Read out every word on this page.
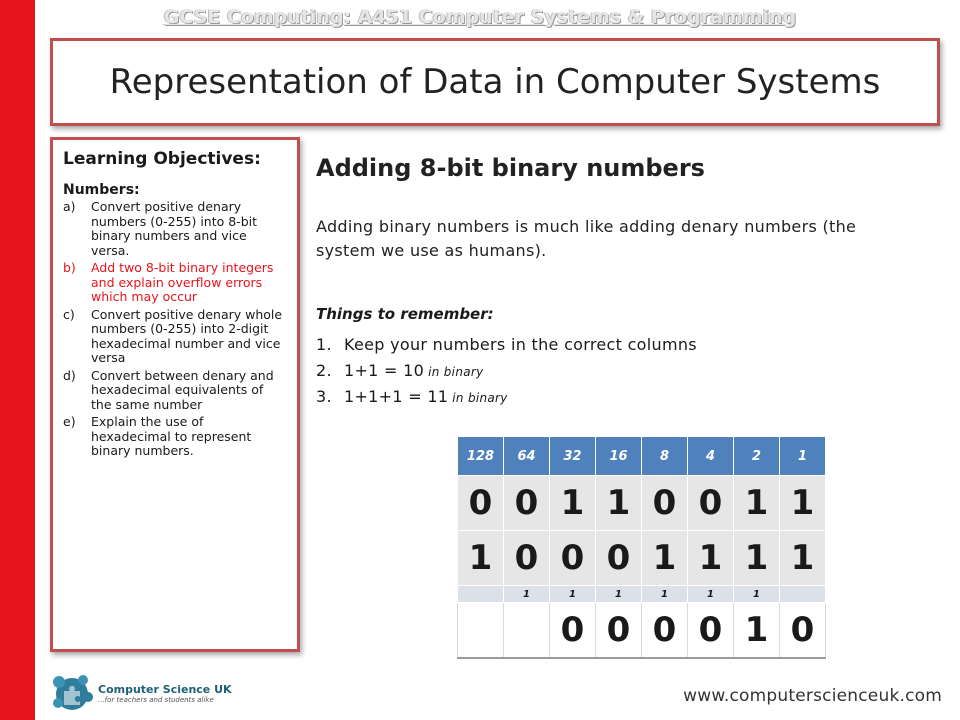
GCSE Computing: A451 Computer Systems & Programming
Representation of Data in Computer Systems
Learning Objectives:
Numbers:
a)	Convert positive denary numbers (0-255) into 8-bit binary numbers and vice versa.
b)	Add two 8-bit binary integers and explain overflow errors which may occur
c)	Convert positive denary whole numbers (0-255) into 2-digit hexadecimal number and vice versa
d)	Convert between denary and hexadecimal equivalents of the same number
e)	Explain the use of hexadecimal to represent binary numbers.
Adding 8-bit binary numbers
Adding binary numbers is much like adding denary numbers (the system we use as humans).
Things to remember:
1. Keep your numbers in the correct columns
2. 1+1 = 10 in binary
3. 1+1+1 = 11 in binary
128	64	32	16	8	4	2	1
0	0	1	1	0	0	1	1
1	0	0	0	1	1	1	1
	1	1	1	1	1	1	
		0	0	0	0	1	0
Computer Science UK
...for teachers and students alike	www.computerscienceuk.com
